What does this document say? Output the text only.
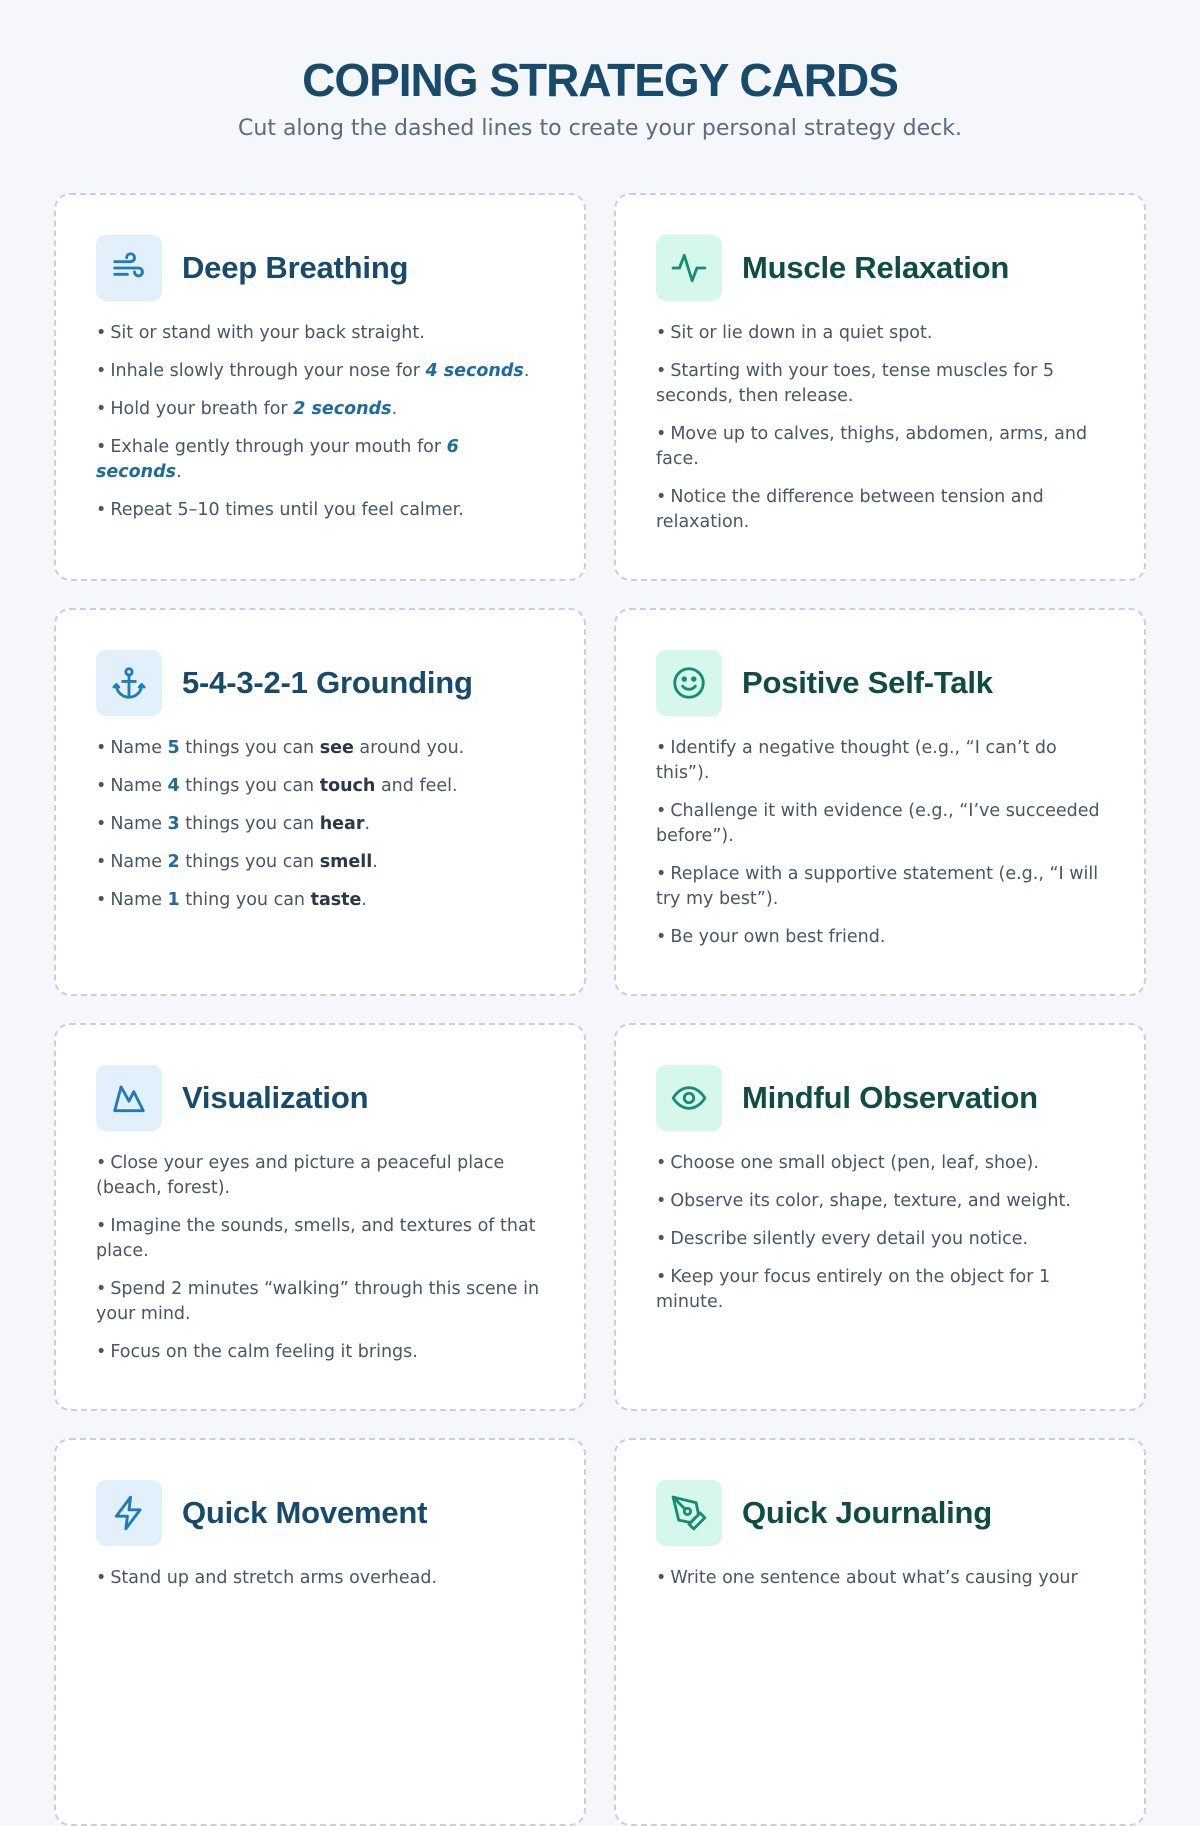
COPING STRATEGY CARDS
Cut along the dashed lines to create your personal strategy deck.
Deep Breathing
• Sit or stand with your back straight.
• Inhale slowly through your nose for 4 seconds.
• Hold your breath for 2 seconds.
• Exhale gently through your mouth for 6 seconds.
• Repeat 5–10 times until you feel calmer.
Muscle Relaxation
• Sit or lie down in a quiet spot.
• Starting with your toes, tense muscles for 5 seconds, then release.
• Move up to calves, thighs, abdomen, arms, and face.
• Notice the difference between tension and relaxation.
5-4-3-2-1 Grounding
• Name 5 things you can see around you.
• Name 4 things you can touch and feel.
• Name 3 things you can hear.
• Name 2 things you can smell.
• Name 1 thing you can taste.
Positive Self-Talk
• Identify a negative thought (e.g., “I can’t do this”).
• Challenge it with evidence (e.g., “I’ve succeeded before”).
• Replace with a supportive statement (e.g., “I will try my best”).
• Be your own best friend.
Visualization
• Close your eyes and picture a peaceful place (beach, forest).
• Imagine the sounds, smells, and textures of that place.
• Spend 2 minutes “walking” through this scene in your mind.
• Focus on the calm feeling it brings.
Mindful Observation
• Choose one small object (pen, leaf, shoe).
• Observe its color, shape, texture, and weight.
• Describe silently every detail you notice.
• Keep your focus entirely on the object for 1 minute.
Quick Movement
• Stand up and stretch arms overhead.
Quick Journaling
• Write one sentence about what’s causing your
